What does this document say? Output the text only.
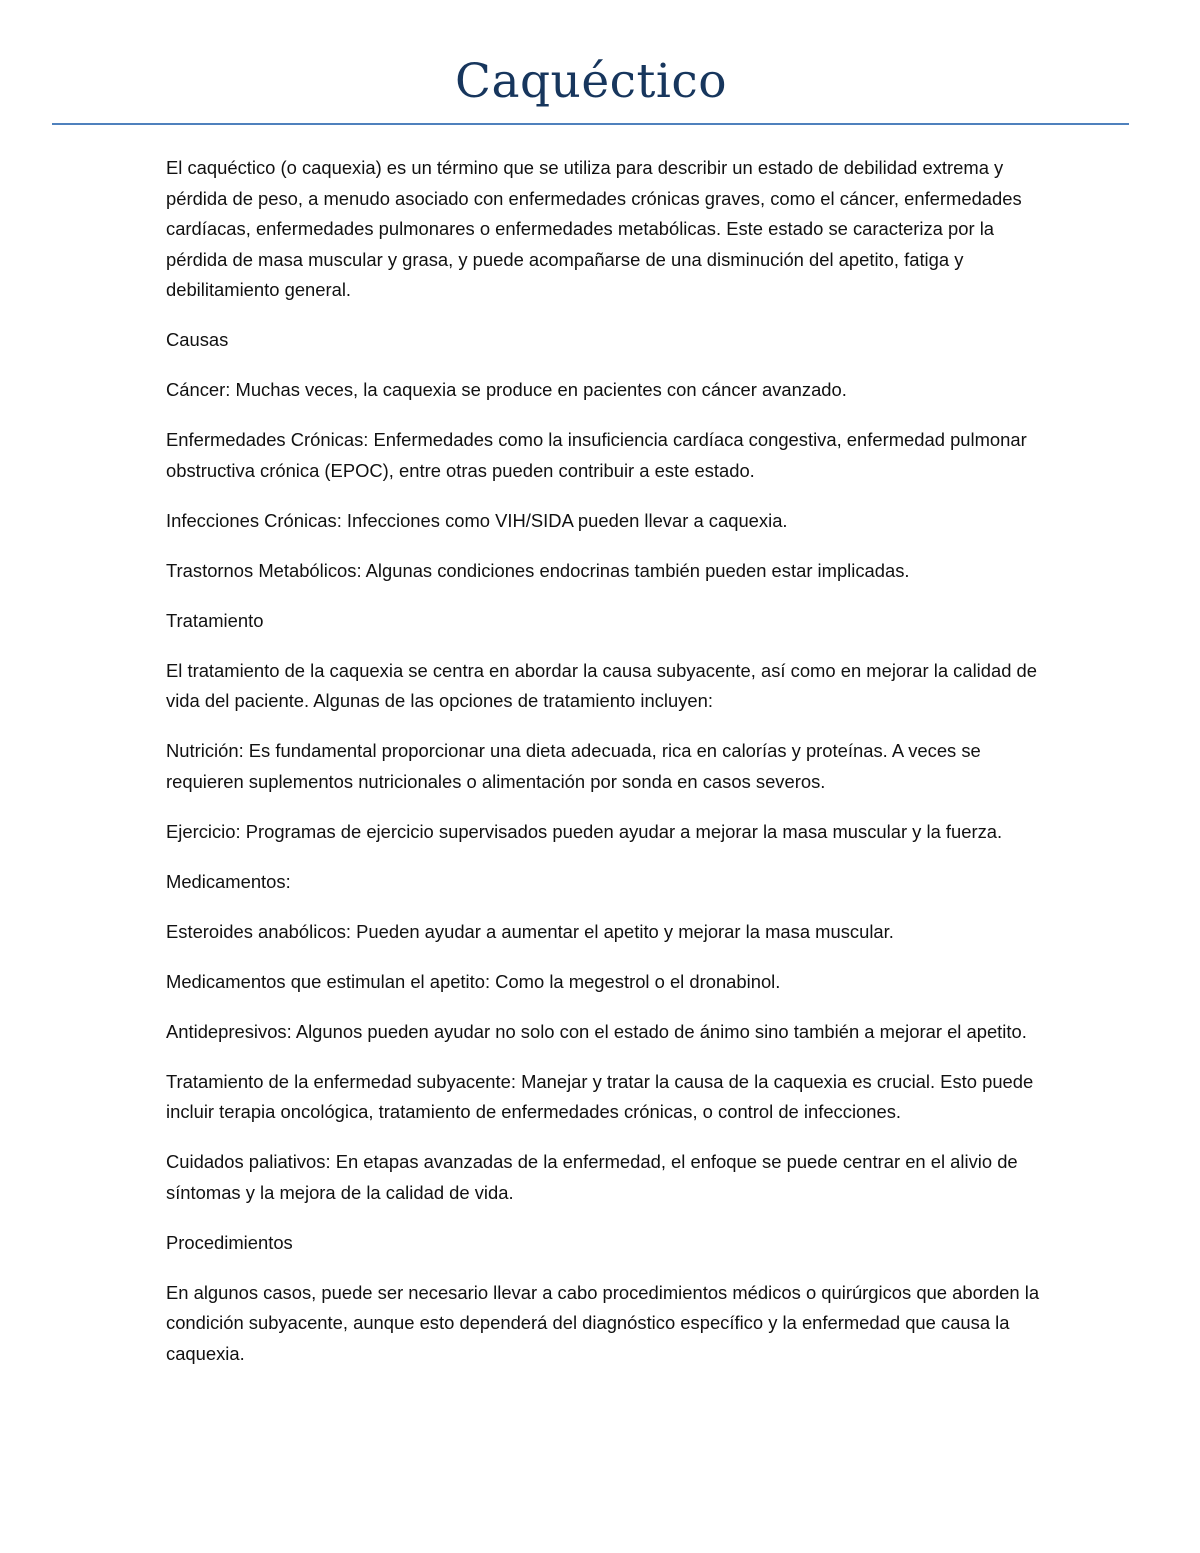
Caquéctico

El caquéctico (o caquexia) es un término que se utiliza para describir un estado de debilidad extrema y pérdida de peso, a menudo asociado con enfermedades crónicas graves, como el cáncer, enfermedades cardíacas, enfermedades pulmonares o enfermedades metabólicas. Este estado se caracteriza por la pérdida de masa muscular y grasa, y puede acompañarse de una disminución del apetito, fatiga y debilitamiento general.

Causas

Cáncer: Muchas veces, la caquexia se produce en pacientes con cáncer avanzado.

Enfermedades Crónicas: Enfermedades como la insuficiencia cardíaca congestiva, enfermedad pulmonar obstructiva crónica (EPOC), entre otras pueden contribuir a este estado.

Infecciones Crónicas: Infecciones como VIH/SIDA pueden llevar a caquexia.

Trastornos Metabólicos: Algunas condiciones endocrinas también pueden estar implicadas.

Tratamiento

El tratamiento de la caquexia se centra en abordar la causa subyacente, así como en mejorar la calidad de vida del paciente. Algunas de las opciones de tratamiento incluyen:

Nutrición: Es fundamental proporcionar una dieta adecuada, rica en calorías y proteínas. A veces se requieren suplementos nutricionales o alimentación por sonda en casos severos.

Ejercicio: Programas de ejercicio supervisados pueden ayudar a mejorar la masa muscular y la fuerza.

Medicamentos:

Esteroides anabólicos: Pueden ayudar a aumentar el apetito y mejorar la masa muscular.

Medicamentos que estimulan el apetito: Como la megestrol o el dronabinol.

Antidepresivos: Algunos pueden ayudar no solo con el estado de ánimo sino también a mejorar el apetito.

Tratamiento de la enfermedad subyacente: Manejar y tratar la causa de la caquexia es crucial. Esto puede incluir terapia oncológica, tratamiento de enfermedades crónicas, o control de infecciones.

Cuidados paliativos: En etapas avanzadas de la enfermedad, el enfoque se puede centrar en el alivio de síntomas y la mejora de la calidad de vida.

Procedimientos

En algunos casos, puede ser necesario llevar a cabo procedimientos médicos o quirúrgicos que aborden la condición subyacente, aunque esto dependerá del diagnóstico específico y la enfermedad que causa la caquexia.
